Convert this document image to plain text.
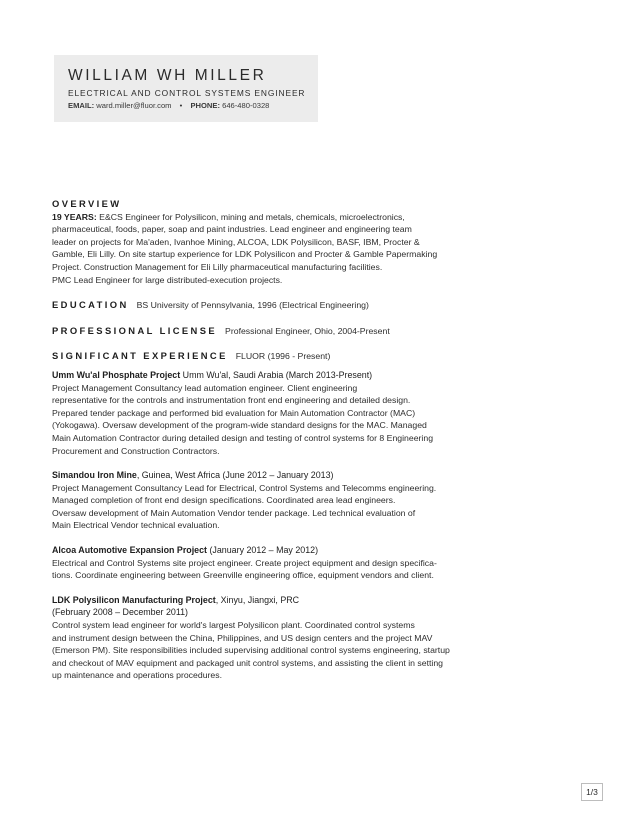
WILLIAM WH MILLER
ELECTRICAL AND CONTROL SYSTEMS ENGINEER
EMAIL: ward.miller@fluor.com • PHONE: 646-480-0328
OVERVIEW
19 YEARS: E&CS Engineer for Polysilicon, mining and metals, chemicals, microelectronics,
pharmaceutical, foods, paper, soap and paint industries. Lead engineer and engineering team
leader on projects for Ma'aden, Ivanhoe Mining, ALCOA, LDK Polysilicon, BASF, IBM, Procter &
Gamble, Eli Lilly. On site startup experience for LDK Polysilicon and Procter & Gamble Papermaking
Project. Construction Management for Eli Lilly pharmaceutical manufacturing facilities.
PMC Lead Engineer for large distributed-execution projects.
EDUCATION BS University of Pennsylvania, 1996 (Electrical Engineering)
PROFESSIONAL LICENSE Professional Engineer, Ohio, 2004-Present
SIGNIFICANT EXPERIENCE FLUOR (1996 - Present)
Umm Wu'al Phosphate Project Umm Wu'al, Saudi Arabia (March 2013-Present)
Project Management Consultancy lead automation engineer. Client engineering
representative for the controls and instrumentation front end engineering and detailed design.
Prepared tender package and performed bid evaluation for Main Automation Contractor (MAC)
(Yokogawa). Oversaw development of the program-wide standard designs for the MAC. Managed
Main Automation Contractor during detailed design and testing of control systems for 8 Engineering
Procurement and Construction Contractors.
Simandou Iron Mine, Guinea, West Africa (June 2012 – January 2013)
Project Management Consultancy Lead for Electrical, Control Systems and Telecomms engineering.
Managed completion of front end design specifications. Coordinated area lead engineers.
Oversaw development of Main Automation Vendor tender package. Led technical evaluation of
Main Electrical Vendor technical evaluation.
Alcoa Automotive Expansion Project (January 2012 – May 2012)
Electrical and Control Systems site project engineer. Create project equipment and design specifica-
tions. Coordinate engineering between Greenville engineering office, equipment vendors and client.
LDK Polysilicon Manufacturing Project, Xinyu, Jiangxi, PRC
(February 2008 – December 2011)
Control system lead engineer for world's largest Polysilicon plant. Coordinated control systems
and instrument design between the China, Philippines, and US design centers and the project MAV
(Emerson PM). Site responsibilities included supervising additional control systems engineering, startup
and checkout of MAV equipment and packaged unit control systems, and assisting the client in setting
up maintenance and operations procedures.
1/3
